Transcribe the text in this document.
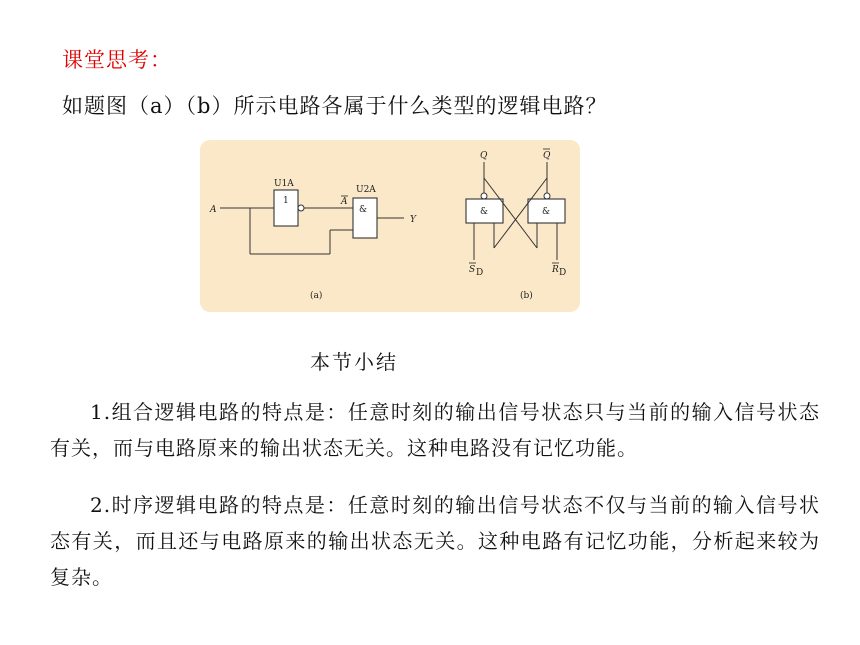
课堂思考：
如题图（a）（b）所示电路各属于什么类型的逻辑电路？
A
U1A
1
U2A
A
&
Y
(a)
Q	Q
&	&
S D	R D
(b)
本节小结
1.组合逻辑电路的特点是：任意时刻的输出信号状态只与当前的输入信号状态有关，而与电路原来的输出状态无关。这种电路没有记忆功能。
2.时序逻辑电路的特点是：任意时刻的输出信号状态不仅与当前的输入信号状态有关，而且还与电路原来的输出状态无关。这种电路有记忆功能，分析起来较为复杂。
